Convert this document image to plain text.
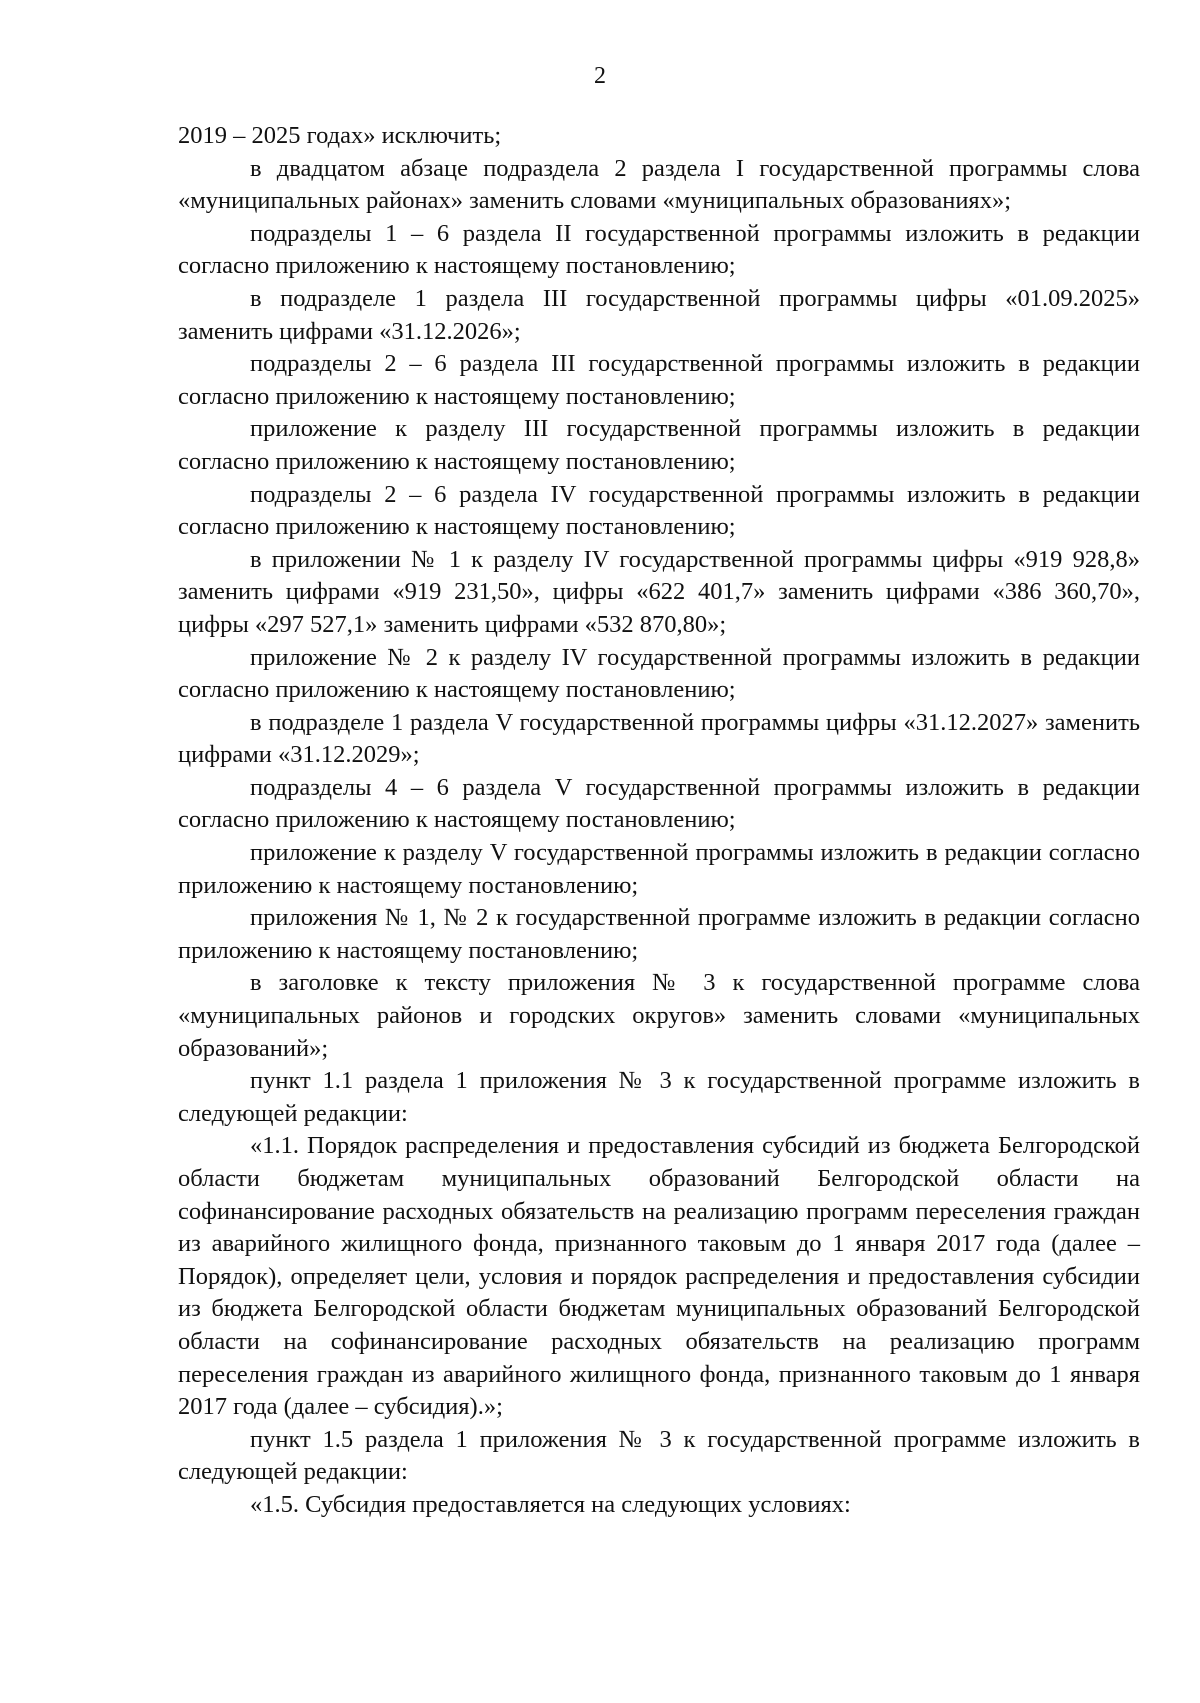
2

2019 – 2025 годах» исключить;

в двадцатом абзаце подраздела 2 раздела I государственной программы слова «муниципальных районах» заменить словами «муниципальных образованиях»;

подразделы 1 – 6 раздела II государственной программы изложить в редакции согласно приложению к настоящему постановлению;

в подразделе 1 раздела III государственной программы цифры «01.09.2025» заменить цифрами «31.12.2026»;

подразделы 2 – 6 раздела III государственной программы изложить в редакции согласно приложению к настоящему постановлению;

приложение к разделу III государственной программы изложить в редакции согласно приложению к настоящему постановлению;

подразделы 2 – 6 раздела IV государственной программы изложить в редакции согласно приложению к настоящему постановлению;

в приложении № 1 к разделу IV государственной программы цифры «919 928,8» заменить цифрами «919 231,50», цифры «622 401,7» заменить цифрами «386 360,70», цифры «297 527,1» заменить цифрами «532 870,80»;

приложение № 2 к разделу IV государственной программы изложить в редакции согласно приложению к настоящему постановлению;

в подразделе 1 раздела V государственной программы цифры «31.12.2027» заменить цифрами «31.12.2029»;

подразделы 4 – 6 раздела V государственной программы изложить в редакции согласно приложению к настоящему постановлению;

приложение к разделу V государственной программы изложить в редакции согласно приложению к настоящему постановлению;

приложения № 1, № 2 к государственной программе изложить в редакции согласно приложению к настоящему постановлению;

в заголовке к тексту приложения № 3 к государственной программе слова «муниципальных районов и городских округов» заменить словами «муниципальных образований»;

пункт 1.1 раздела 1 приложения № 3 к государственной программе изложить в следующей редакции:

«1.1. Порядок распределения и предоставления субсидий из бюджета Белгородской области бюджетам муниципальных образований Белгородской области на софинансирование расходных обязательств на реализацию программ переселения граждан из аварийного жилищного фонда, признанного таковым до 1 января 2017 года (далее – Порядок), определяет цели, условия и порядок распределения и предоставления субсидии из бюджета Белгородской области бюджетам муниципальных образований Белгородской области на софинансирование расходных обязательств на реализацию программ переселения граждан из аварийного жилищного фонда, признанного таковым до 1 января 2017 года (далее – субсидия).»;

пункт 1.5 раздела 1 приложения № 3 к государственной программе изложить в следующей редакции:

«1.5. Субсидия предоставляется на следующих условиях:
